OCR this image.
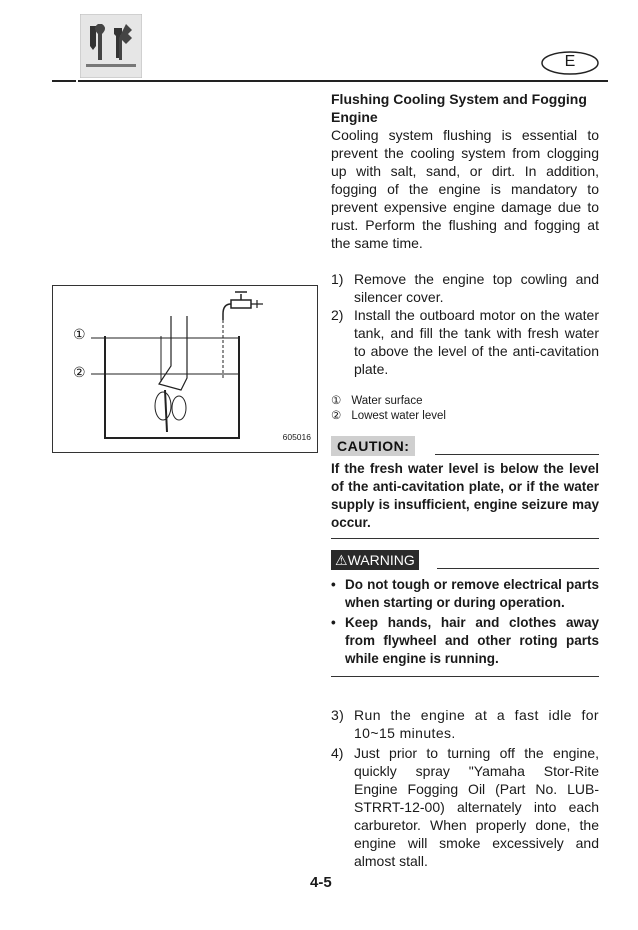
E
Flushing Cooling System and Fogging Engine
Cooling system flushing is essential to prevent the cooling system from clogging up with salt, sand, or dirt. In addition, fogging of the engine is mandatory to prevent expensive engine damage due to rust. Perform the flushing and fogging at the same time.
1) Remove the engine top cowling and silencer cover.
2) Install the outboard motor on the water tank, and fill the tank with fresh water to above the level of the anti-cavitation plate.
① Water surface
② Lowest water level
CAUTION:
If the fresh water level is below the level of the anti-cavitation plate, or if the water supply is insufficient, engine seizure may occur.
⚠WARNING
• Do not tough or remove electrical parts when starting or during operation.
• Keep hands, hair and clothes away from flywheel and other roting parts while engine is running.
3) Run the engine at a fast idle for 10~15 minutes.
4) Just prior to turning off the engine, quickly spray "Yamaha Stor-Rite Engine Fogging Oil (Part No. LUB-STRRT-12-00) alternately into each carburetor. When properly done, the engine will smoke excessively and almost stall.
①
②
605016
4-5
